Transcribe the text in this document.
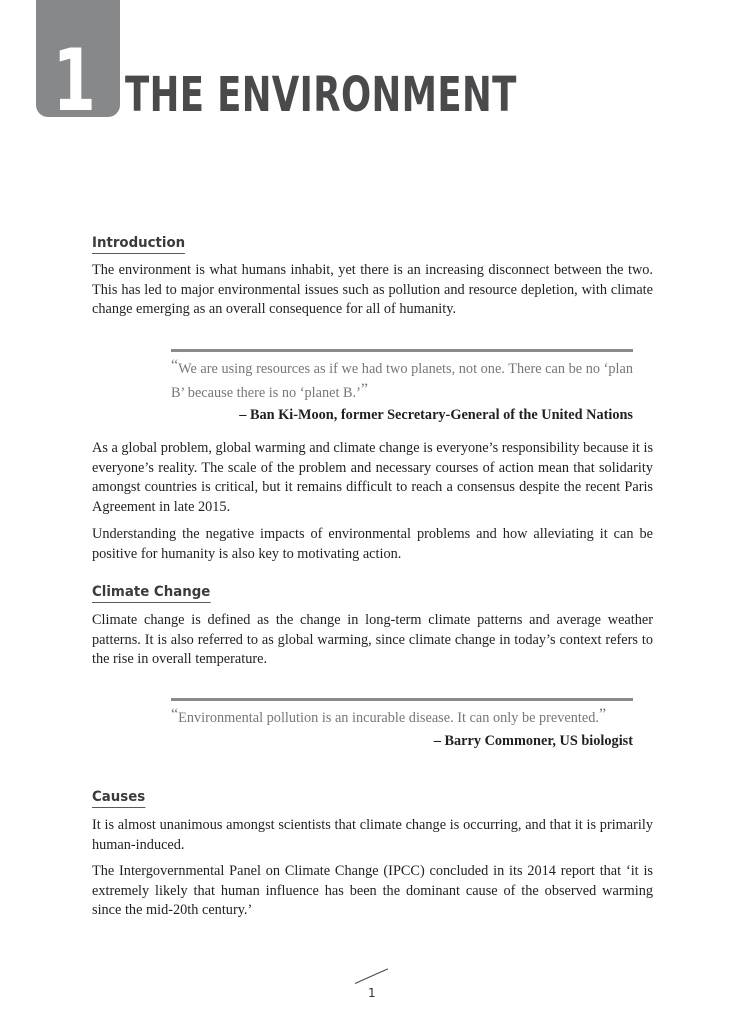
1 THE ENVIRONMENT
Introduction

The environment is what humans inhabit, yet there is an increasing disconnect between the two. This has led to major environmental issues such as pollution and resource depletion, with climate change emerging as an overall consequence for all of humanity.

“We are using resources as if we had two planets, not one. There can be no ‘plan B’ because there is no ‘planet B.’”

– Ban Ki-Moon, former Secretary-General of the United Nations

As a global problem, global warming and climate change is everyone’s responsibility because it is everyone’s reality. The scale of the problem and necessary courses of action mean that solidarity amongst countries is critical, but it remains difficult to reach a consensus despite the recent Paris Agreement in late 2015.

Understanding the negative impacts of environmental problems and how alleviating it can be positive for humanity is also key to motivating action.

Climate Change

Climate change is defined as the change in long-term climate patterns and average weather patterns. It is also referred to as global warming, since climate change in today’s context refers to the rise in overall temperature.

“Environmental pollution is an incurable disease. It can only be prevented.”

– Barry Commoner, US biologist

Causes

It is almost unanimous amongst scientists that climate change is occurring, and that it is primarily human-induced.

The Intergovernmental Panel on Climate Change (IPCC) concluded in its 2014 report that ‘it is extremely likely that human influence has been the dominant cause of the observed warming since the mid-20th century.’

1
